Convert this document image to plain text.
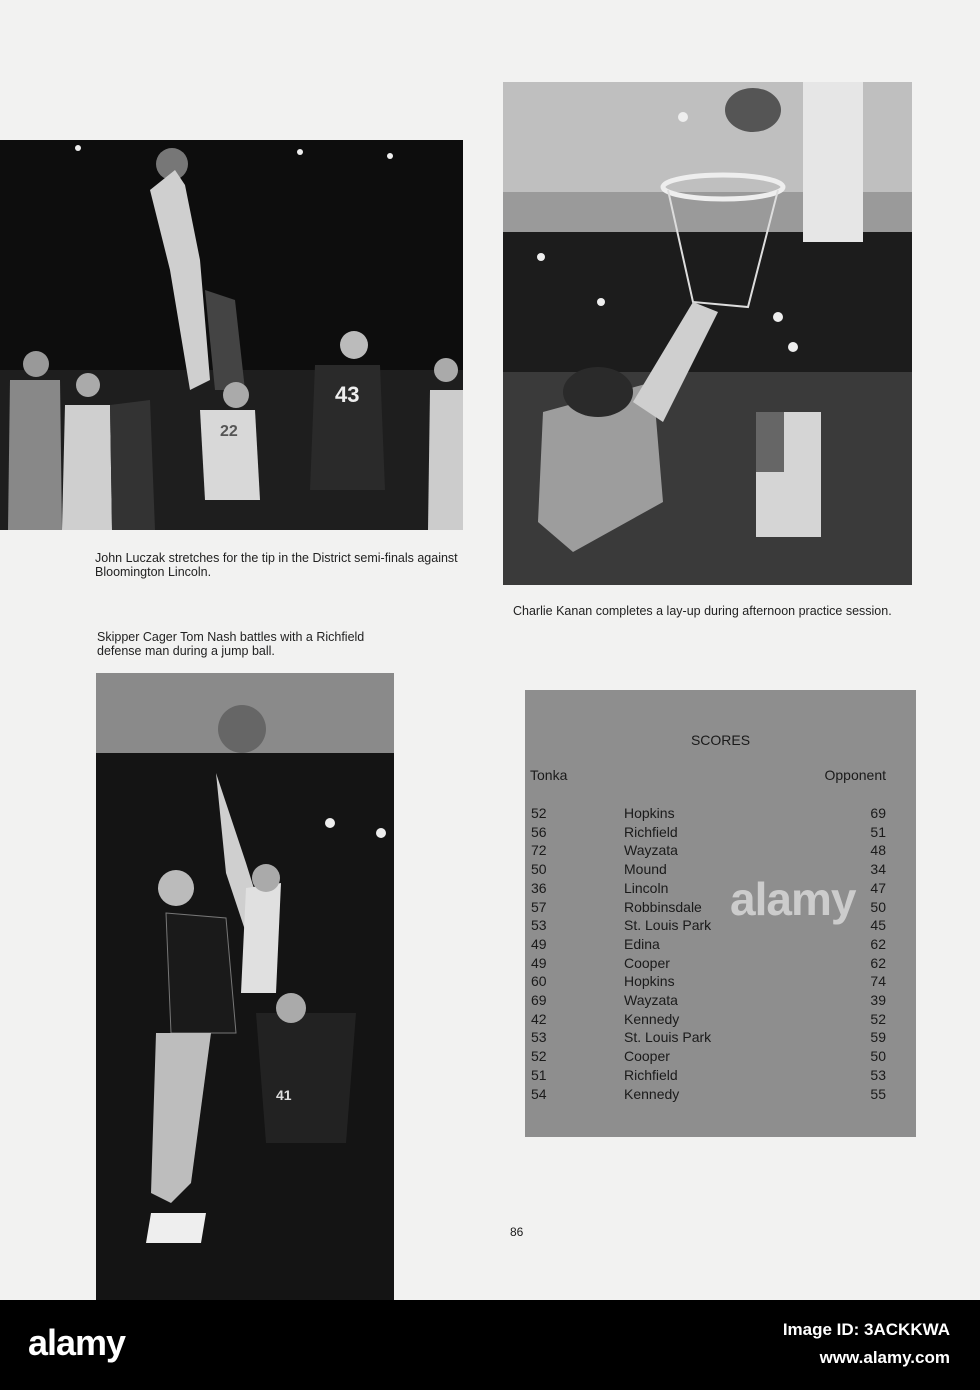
43
22
41
John Luczak stretches for the tip in the District semi-finals against Bloomington Lincoln.
Charlie Kanan completes a lay-up during afternoon practice session.
Skipper Cager Tom Nash battles with a Richfield defense man during a jump ball.
SCORES
Tonka	Opponent
52	Hopkins	69
56	Richfield	51
72	Wayzata	48
50	Mound	34
36	Lincoln	47
57	Robbinsdale	50
53	St. Louis Park	45
49	Edina	62
49	Cooper	62
60	Hopkins	74
69	Wayzata	39
42	Kennedy	52
53	St. Louis Park	59
52	Cooper	50
51	Richfield	53
54	Kennedy	55
86
alamy
alamy	Image ID: 3ACKKWA
www.alamy.com
